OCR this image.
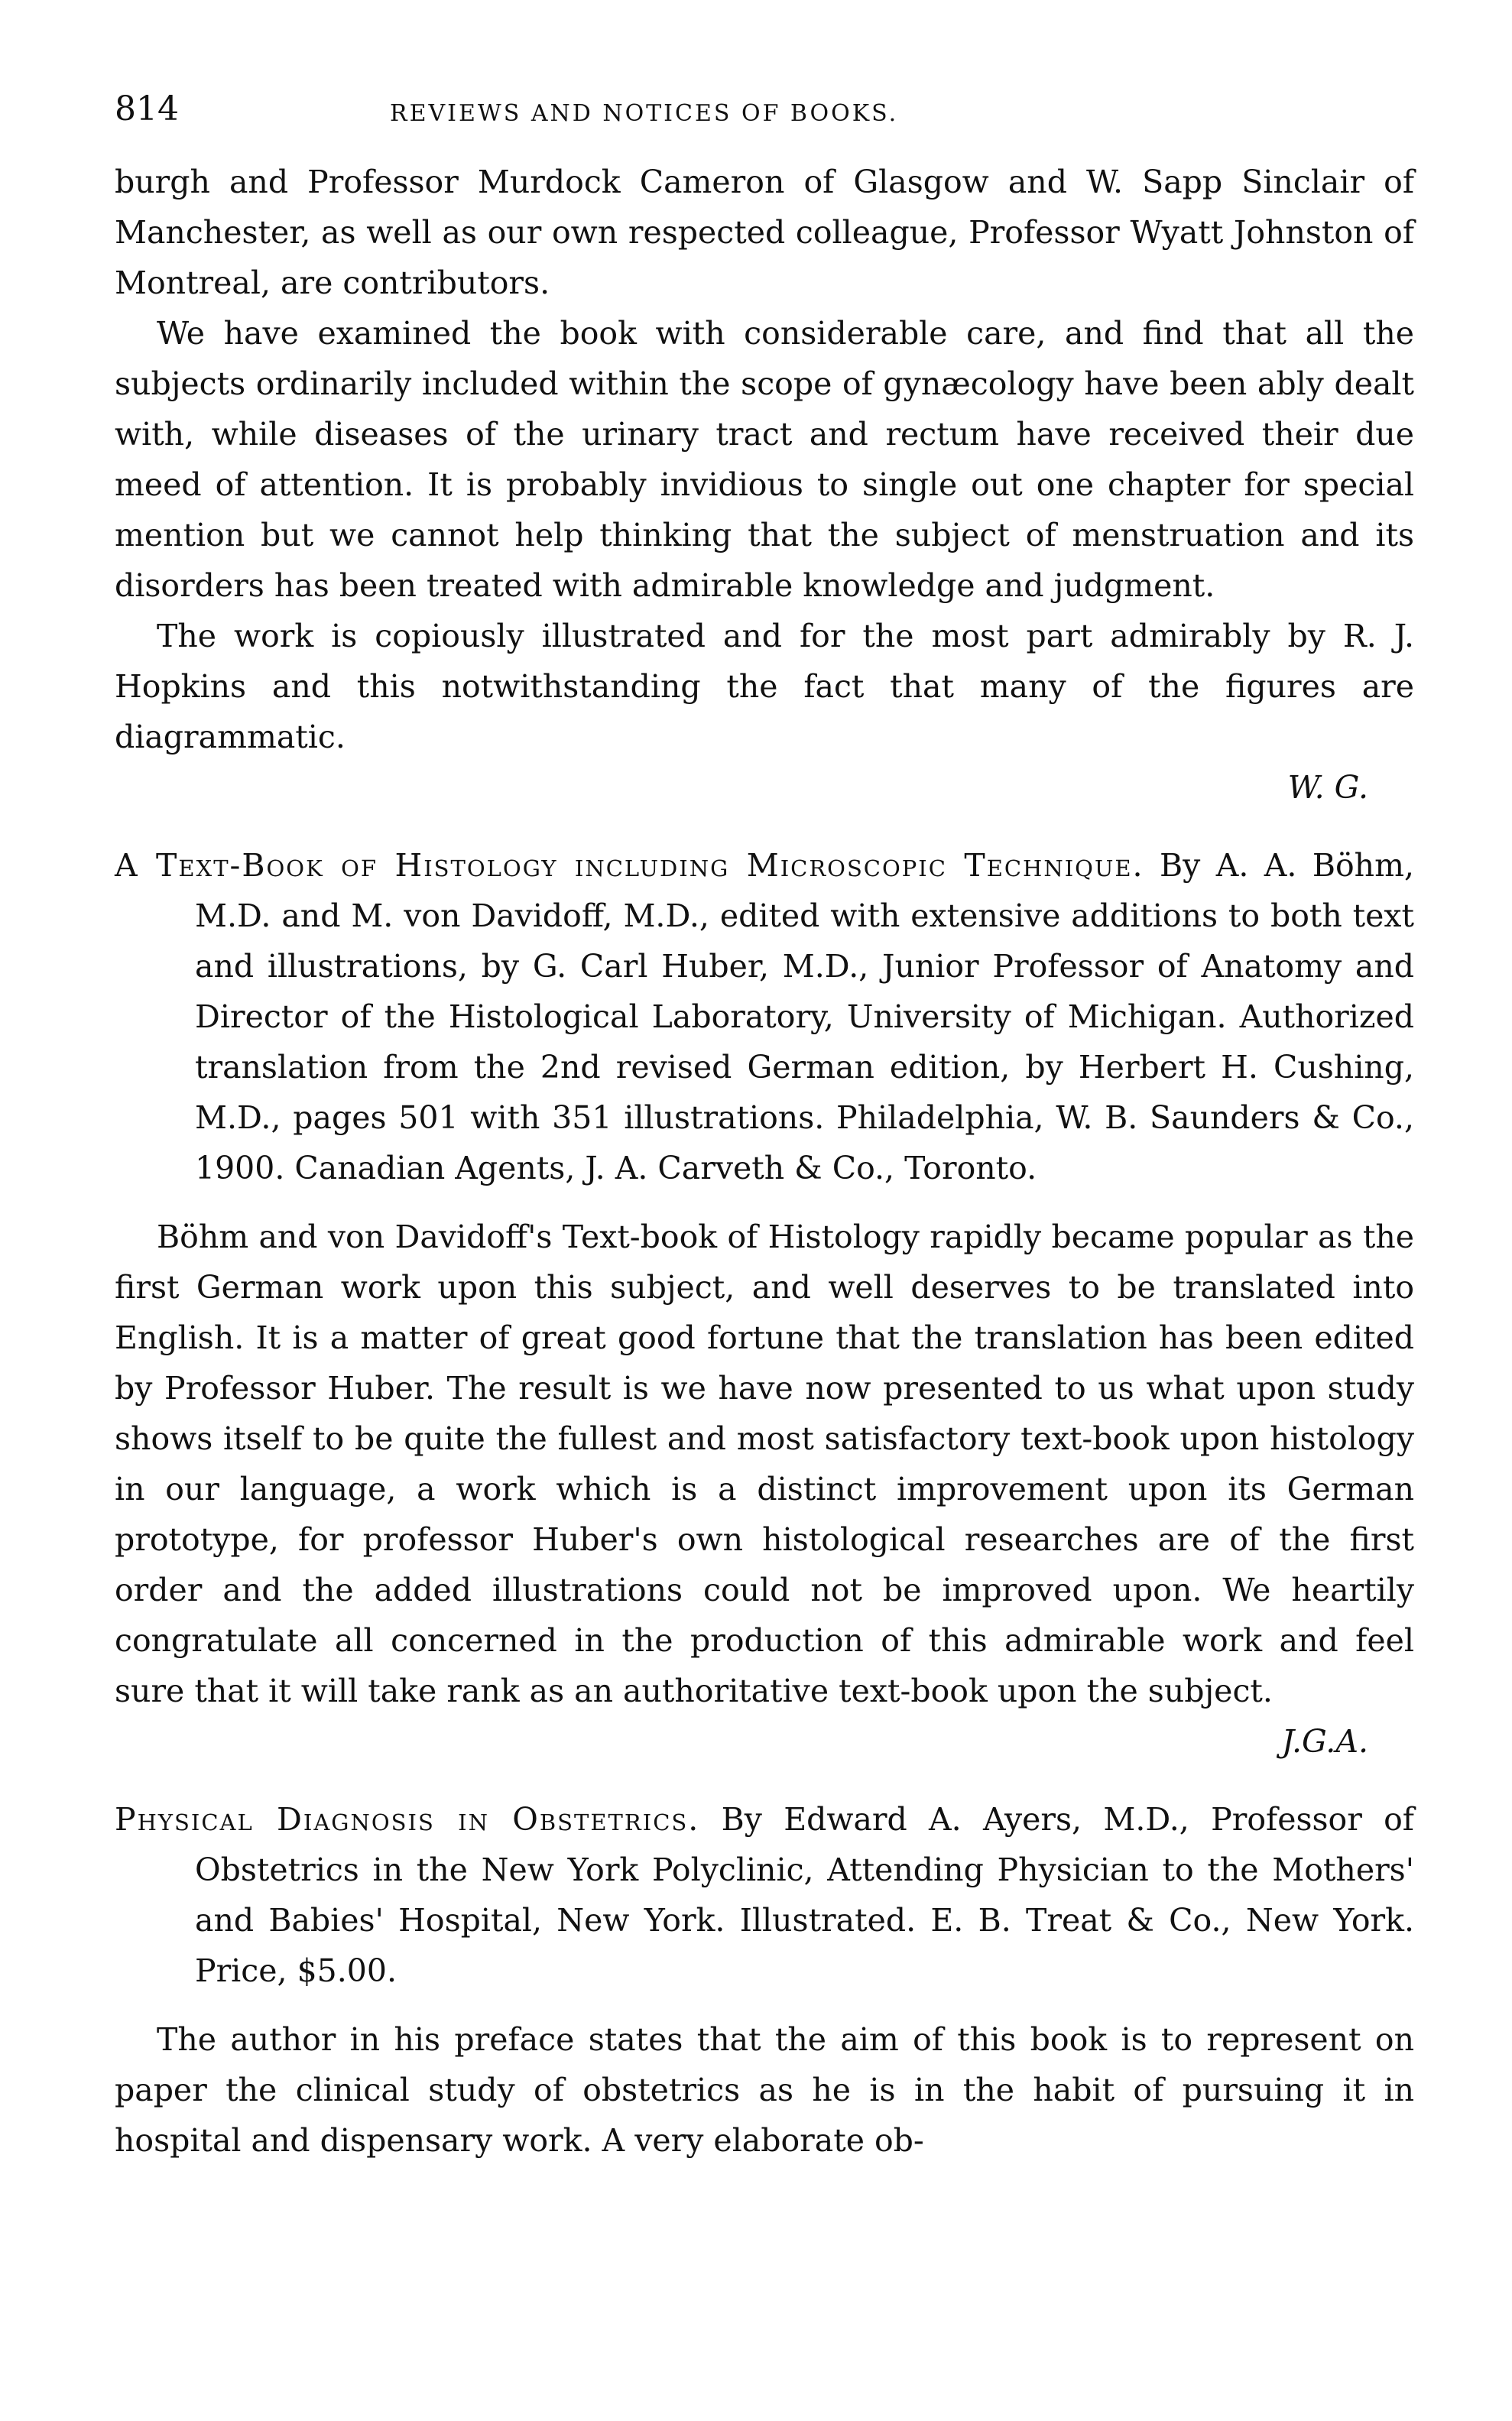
814	REVIEWS AND NOTICES OF BOOKS.

burgh and Professor Murdock Cameron of Glasgow and W. Sapp Sinclair of Manchester, as well as our own respected colleague, Professor Wyatt Johnston of Montreal, are contributors.

We have examined the book with considerable care, and find that all the subjects ordinarily included within the scope of gynæcology have been ably dealt with, while diseases of the urinary tract and rectum have received their due meed of attention. It is probably invidious to single out one chapter for special mention but we cannot help thinking that the subject of menstruation and its disorders has been treated with admirable knowledge and judgment.

The work is copiously illustrated and for the most part admirably by R. J. Hopkins and this notwithstanding the fact that many of the figures are diagrammatic.

W. G.

A Text-Book of Histology including Microscopic Technique. By A. A. Böhm, M.D. and M. von Davidoff, M.D., edited with extensive additions to both text and illustrations, by G. Carl Huber, M.D., Junior Professor of Anatomy and Director of the Histological Laboratory, University of Michigan. Authorized translation from the 2nd revised German edition, by Herbert H. Cushing, M.D., pages 501 with 351 illustrations. Philadelphia, W. B. Saunders & Co., 1900. Canadian Agents, J. A. Carveth & Co., Toronto.

Böhm and von Davidoff's Text-book of Histology rapidly became popular as the first German work upon this subject, and well deserves to be translated into English. It is a matter of great good fortune that the translation has been edited by Professor Huber. The result is we have now presented to us what upon study shows itself to be quite the fullest and most satisfactory text-book upon histology in our language, a work which is a distinct improvement upon its German prototype, for professor Huber's own histological researches are of the first order and the added illustrations could not be improved upon. We heartily congratulate all concerned in the production of this admirable work and feel sure that it will take rank as an authoritative text-book upon the subject.

J.G.A.

Physical Diagnosis in Obstetrics. By Edward A. Ayers, M.D., Professor of Obstetrics in the New York Polyclinic, Attending Physician to the Mothers' and Babies' Hospital, New York. Illustrated. E. B. Treat & Co., New York. Price, $5.00.

The author in his preface states that the aim of this book is to represent on paper the clinical study of obstetrics as he is in the habit of pursuing it in hospital and dispensary work. A very elaborate ob-
